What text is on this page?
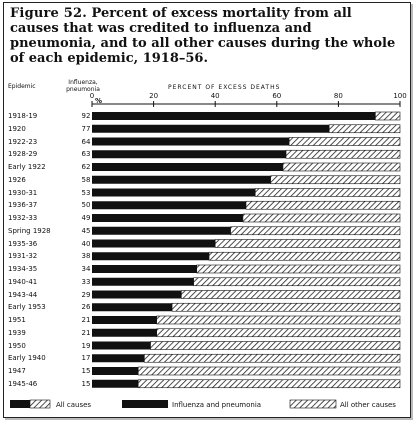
Figure 52. Percent of excess mortality from all causes that was credited to influenza and pneumonia, and to all other causes during the whole of each epidemic, 1918–56.
Epidemic
Influenza, pneumonia
%
PERCENT OF EXCESS DEATHS
0	20	40	60	80	100
1918-19	92
1920	77
1922-23	64
1928-29	63
Early 1922	62
1926	58
1930-31	53
1936-37	50
1932-33	49
Spring 1928	45
1935-36	40
1931-32	38
1934-35	34
1940-41	33
1943-44	29
Early 1953	26
1951	21
1939	21
1950	19
Early 1940	17
1947	15
1945-46	15
All causes	Influenza and pneumonia	All other causes
